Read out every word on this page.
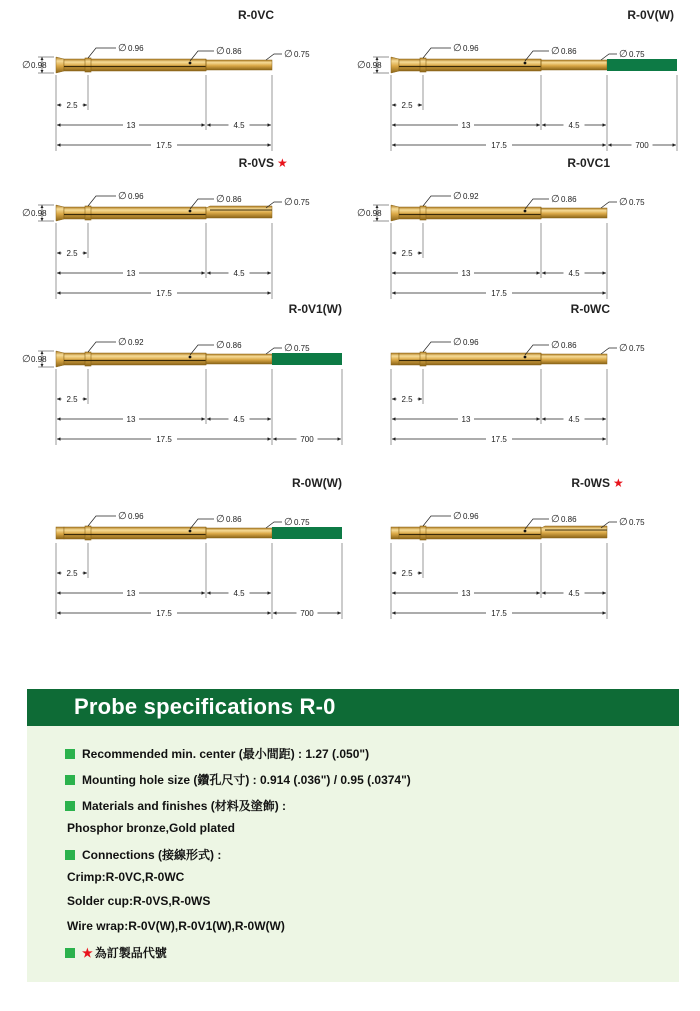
R-0VC
∅ 0.96	∅ 0.86	∅ 0.75
∅ 0.98
2.5
13	4.5
17.5
R-0V(W)
∅ 0.96	∅ 0.86	∅ 0.75
∅ 0.98
2.5
13	4.5
17.5	700
R-0VS ★
∅ 0.96	∅ 0.86	∅ 0.75
∅ 0.98
2.5
13	4.5
17.5
R-0VC1
∅ 0.92	∅ 0.86	∅ 0.75
∅ 0.98
2.5
13	4.5
17.5
R-0V1(W)
∅ 0.92	∅ 0.86	∅ 0.75
∅ 0.98
2.5
13	4.5
17.5	700
R-0WC
∅ 0.96	∅ 0.86	∅ 0.75
2.5
13	4.5
17.5
R-0W(W)
∅ 0.96	∅ 0.86	∅ 0.75
2.5
13	4.5
17.5	700
R-0WS ★
∅ 0.96	∅ 0.86	∅ 0.75
2.5
13	4.5
17.5
Probe specifications R-0
Recommended min. center (最小間距) : 1.27 (.050")
Mounting hole size (鑽孔尺寸) : 0.914 (.036") / 0.95 (.0374")
Materials and finishes (材料及塗飾) :
Phosphor bronze,Gold plated
Connections (接線形式) :
Crimp:R-0VC,R-0WC
Solder cup:R-0VS,R-0WS
Wire wrap:R-0V(W),R-0V1(W),R-0W(W)
★ 為訂製品代號
